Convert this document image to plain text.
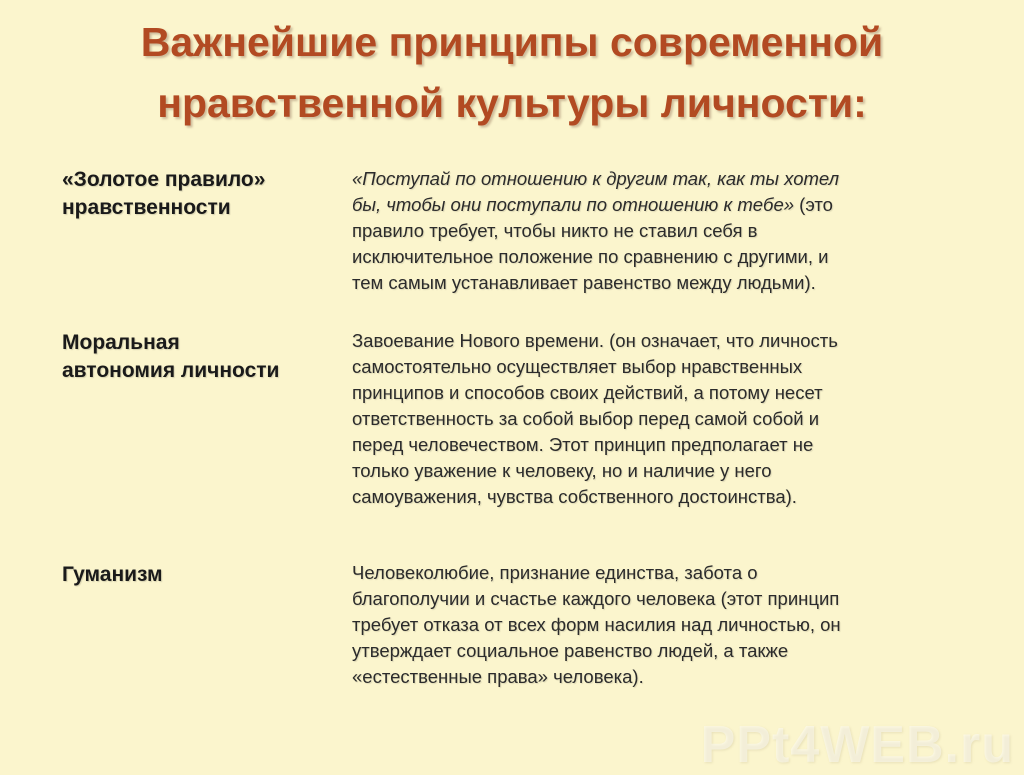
Важнейшие принципы современной
нравственной культуры личности:
«Золотое правило»
нравственности
«Поступай по отношению к другим так, как ты хотел
бы, чтобы они поступали по отношению к тебе» (это
правило требует, чтобы никто не ставил себя в
исключительное положение по сравнению с другими, и
тем самым устанавливает равенство между людьми).
Моральная
автономия личности
Завоевание Нового времени. (он означает, что личность
самостоятельно осуществляет выбор нравственных
принципов и способов своих действий, а потому несет
ответственность за собой выбор перед самой собой и
перед человечеством. Этот принцип предполагает не
только уважение к человеку, но и наличие у него
самоуважения, чувства собственного достоинства).
Гуманизм	Человеколюбие, признание единства, забота о
благополучии и счастье каждого человека (этот принцип
требует отказа от всех форм насилия над личностью, он
утверждает социальное равенство людей, а также
«естественные права» человека).
PPt4WEB.ru
